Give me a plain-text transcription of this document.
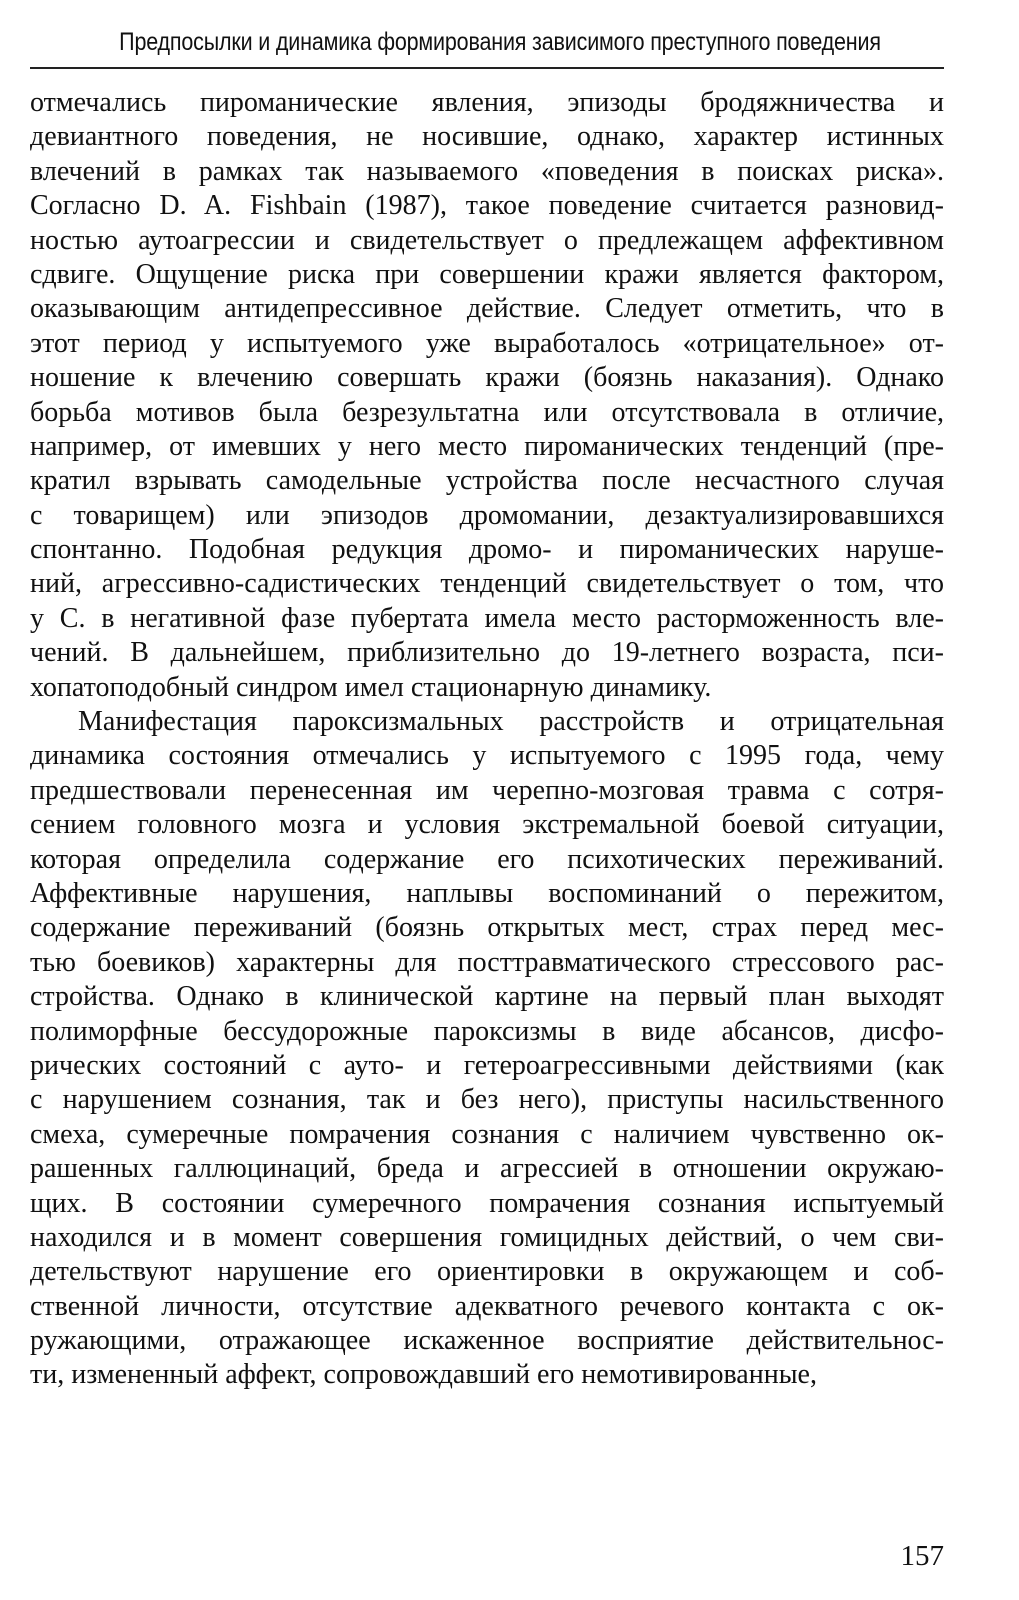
Предпосылки и динамика формирования зависимого преступного поведения
отмечались пироманические явления, эпизоды бродяжничества и
девиантного поведения, не носившие, однако, характер истинных
влечений в рамках так называемого «поведения в поисках риска».
Согласно D. A. Fishbain (1987), такое поведение считается разновид-
ностью аутоагрессии и свидетельствует о предлежащем аффективном
сдвиге. Ощущение риска при совершении кражи является фактором,
оказывающим антидепрессивное действие. Следует отметить, что в
этот период у испытуемого уже выработалось «отрицательное» от-
ношение к влечению совершать кражи (боязнь наказания). Однако
борьба мотивов была безрезультатна или отсутствовала в отличие,
например, от имевших у него место пироманических тенденций (пре-
кратил взрывать самодельные устройства после несчастного случая
с товарищем) или эпизодов дромомании, дезактуализировавшихся
спонтанно. Подобная редукция дромо- и пироманических наруше-
ний, агрессивно-садистических тенденций свидетельствует о том, что
у С. в негативной фазе пубертата имела место расторможенность вле-
чений. В дальнейшем, приблизительно до 19-летнего возраста, пси-
хопатоподобный синдром имел стационарную динамику.
Манифестация пароксизмальных расстройств и отрицательная
динамика состояния отмечались у испытуемого с 1995 года, чему
предшествовали перенесенная им черепно-мозговая травма с сотря-
сением головного мозга и условия экстремальной боевой ситуации,
которая определила содержание его психотических переживаний.
Аффективные нарушения, наплывы воспоминаний о пережитом,
содержание переживаний (боязнь открытых мест, страх перед мес-
тью боевиков) характерны для посттравматического стрессового рас-
стройства. Однако в клинической картине на первый план выходят
полиморфные бессудорожные пароксизмы в виде абсансов, дисфо-
рических состояний с ауто- и гетероагрессивными действиями (как
с нарушением сознания, так и без него), приступы насильственного
смеха, сумеречные помрачения сознания с наличием чувственно ок-
рашенных галлюцинаций, бреда и агрессией в отношении окружаю-
щих. В состоянии сумеречного помрачения сознания испытуемый
находился и в момент совершения гомицидных действий, о чем сви-
детельствуют нарушение его ориентировки в окружающем и соб-
ственной личности, отсутствие адекватного речевого контакта с ок-
ружающими, отражающее искаженное восприятие действительнос-
ти, измененный аффект, сопровождавший его немотивированные,
157
